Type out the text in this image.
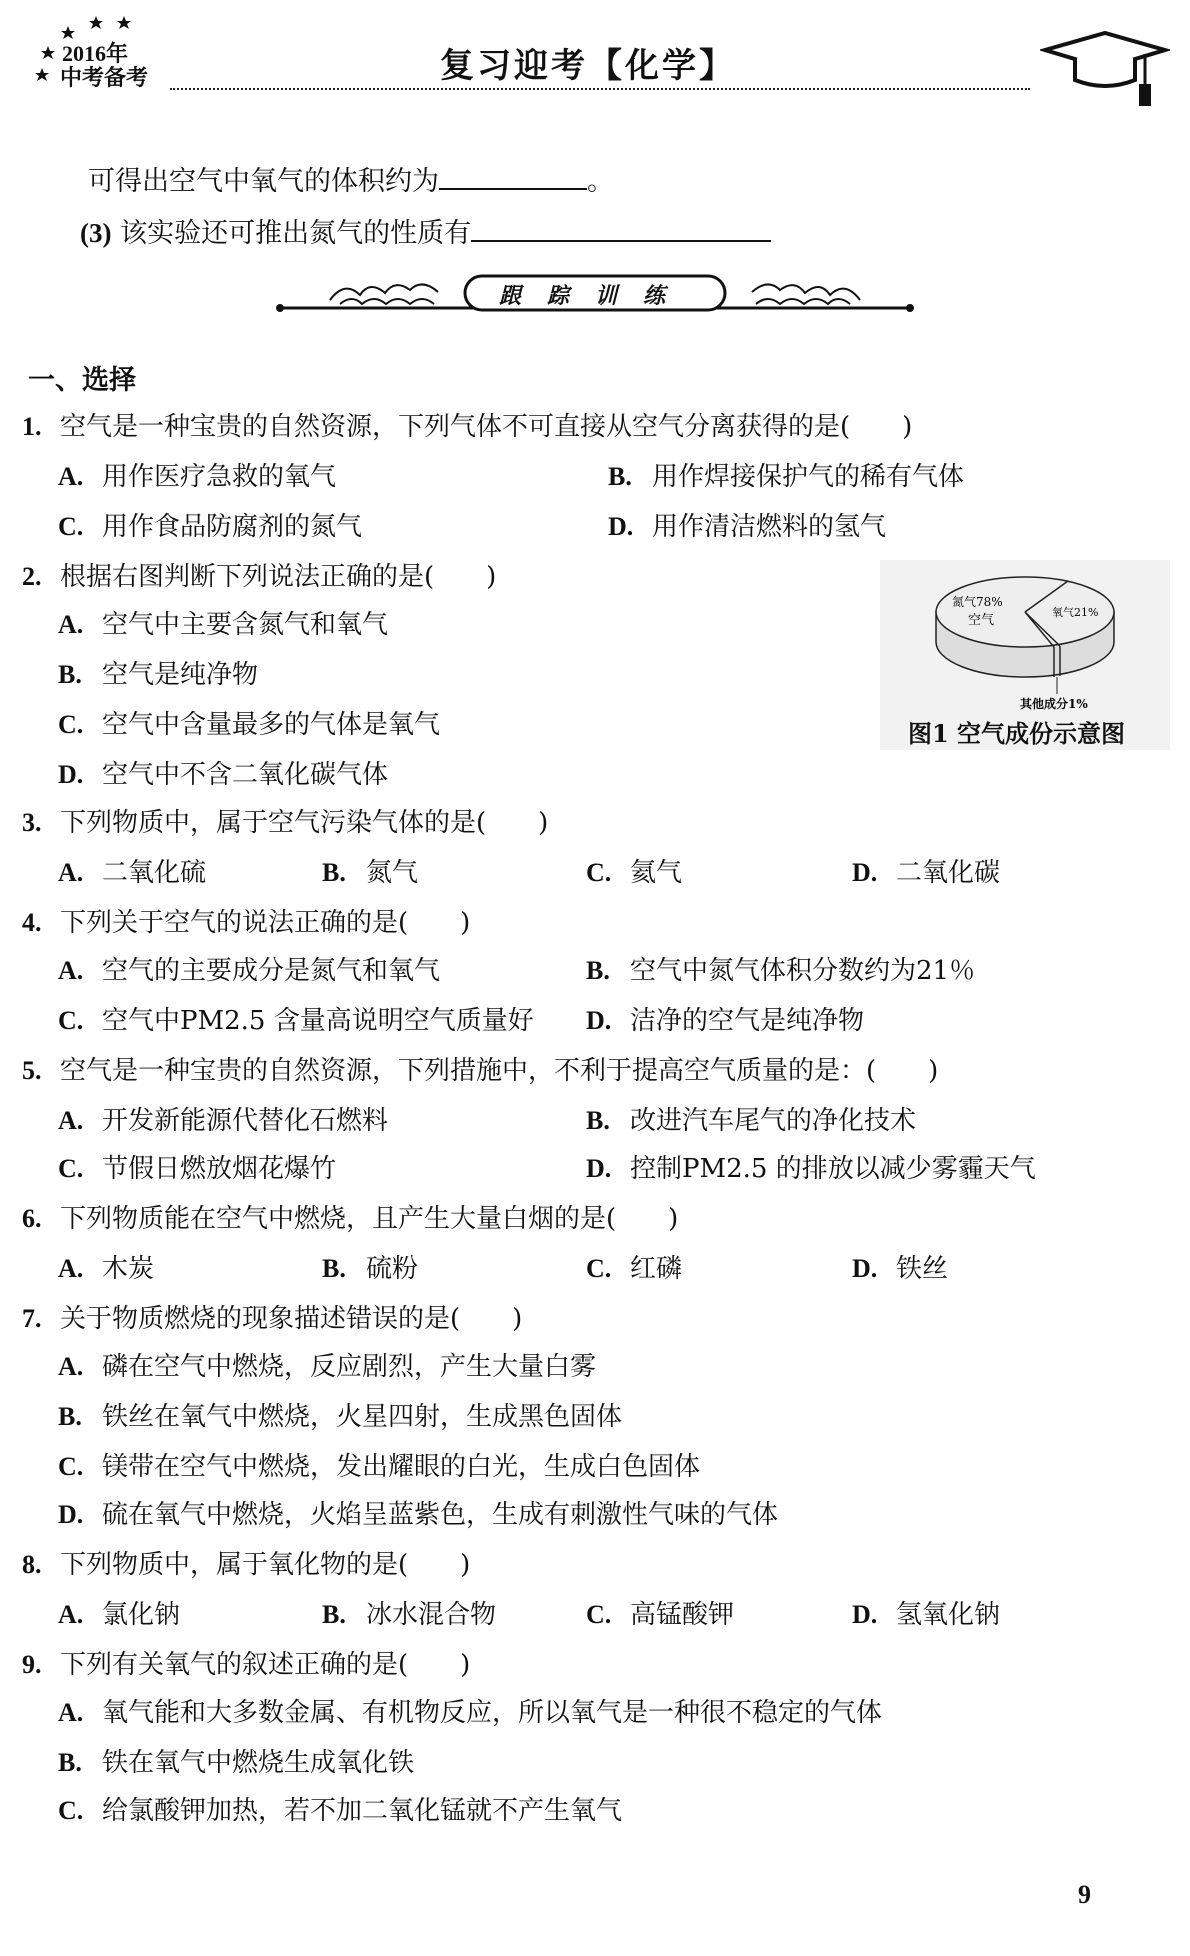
2016年
中考备考	复习迎考【化学】
可得出空气中氧气的体积约为	。
(3) 该实验还可推出氮气的性质有
跟踪训练
一、选择
1. 空气是一种宝贵的自然资源，下列气体不可直接从空气分离获得的是(　　)
A. 用作医疗急救的氧气	B. 用作焊接保护气的稀有气体
C. 用作食品防腐剂的氮气	D. 用作清洁燃料的氢气
2. 根据右图判断下列说法正确的是(　　)
A. 空气中主要含氮气和氧气
B. 空气是纯净物
C. 空气中含量最多的气体是氧气
D. 空气中不含二氧化碳气体
氮气78%
空气
氧气21%
其他成分1%
图1 空气成份示意图
3. 下列物质中，属于空气污染气体的是(　　)
A. 二氧化硫	B. 氮气	C. 氦气	D. 二氧化碳
4. 下列关于空气的说法正确的是(　　)
A. 空气的主要成分是氮气和氧气	B. 空气中氮气体积分数约为21％
C. 空气中PM2.5 含量高说明空气质量好 D. 洁净的空气是纯净物
5. 空气是一种宝贵的自然资源，下列措施中，不利于提高空气质量的是：(　　)
A. 开发新能源代替化石燃料	B. 改进汽车尾气的净化技术
C. 节假日燃放烟花爆竹	D. 控制PM2.5 的排放以减少雾霾天气
6. 下列物质能在空气中燃烧，且产生大量白烟的是(　　)
A. 木炭	B. 硫粉	C. 红磷	D. 铁丝
7. 关于物质燃烧的现象描述错误的是(　　)
A. 磷在空气中燃烧，反应剧烈，产生大量白雾
B. 铁丝在氧气中燃烧，火星四射，生成黑色固体
C. 镁带在空气中燃烧，发出耀眼的白光，生成白色固体
D. 硫在氧气中燃烧，火焰呈蓝紫色，生成有刺激性气味的气体
8. 下列物质中，属于氧化物的是(　　)
A. 氯化钠	B. 冰水混合物	C. 高锰酸钾	D. 氢氧化钠
9. 下列有关氧气的叙述正确的是(　　)
A. 氧气能和大多数金属、有机物反应，所以氧气是一种很不稳定的气体
B. 铁在氧气中燃烧生成氧化铁
C. 给氯酸钾加热，若不加二氧化锰就不产生氧气
9
